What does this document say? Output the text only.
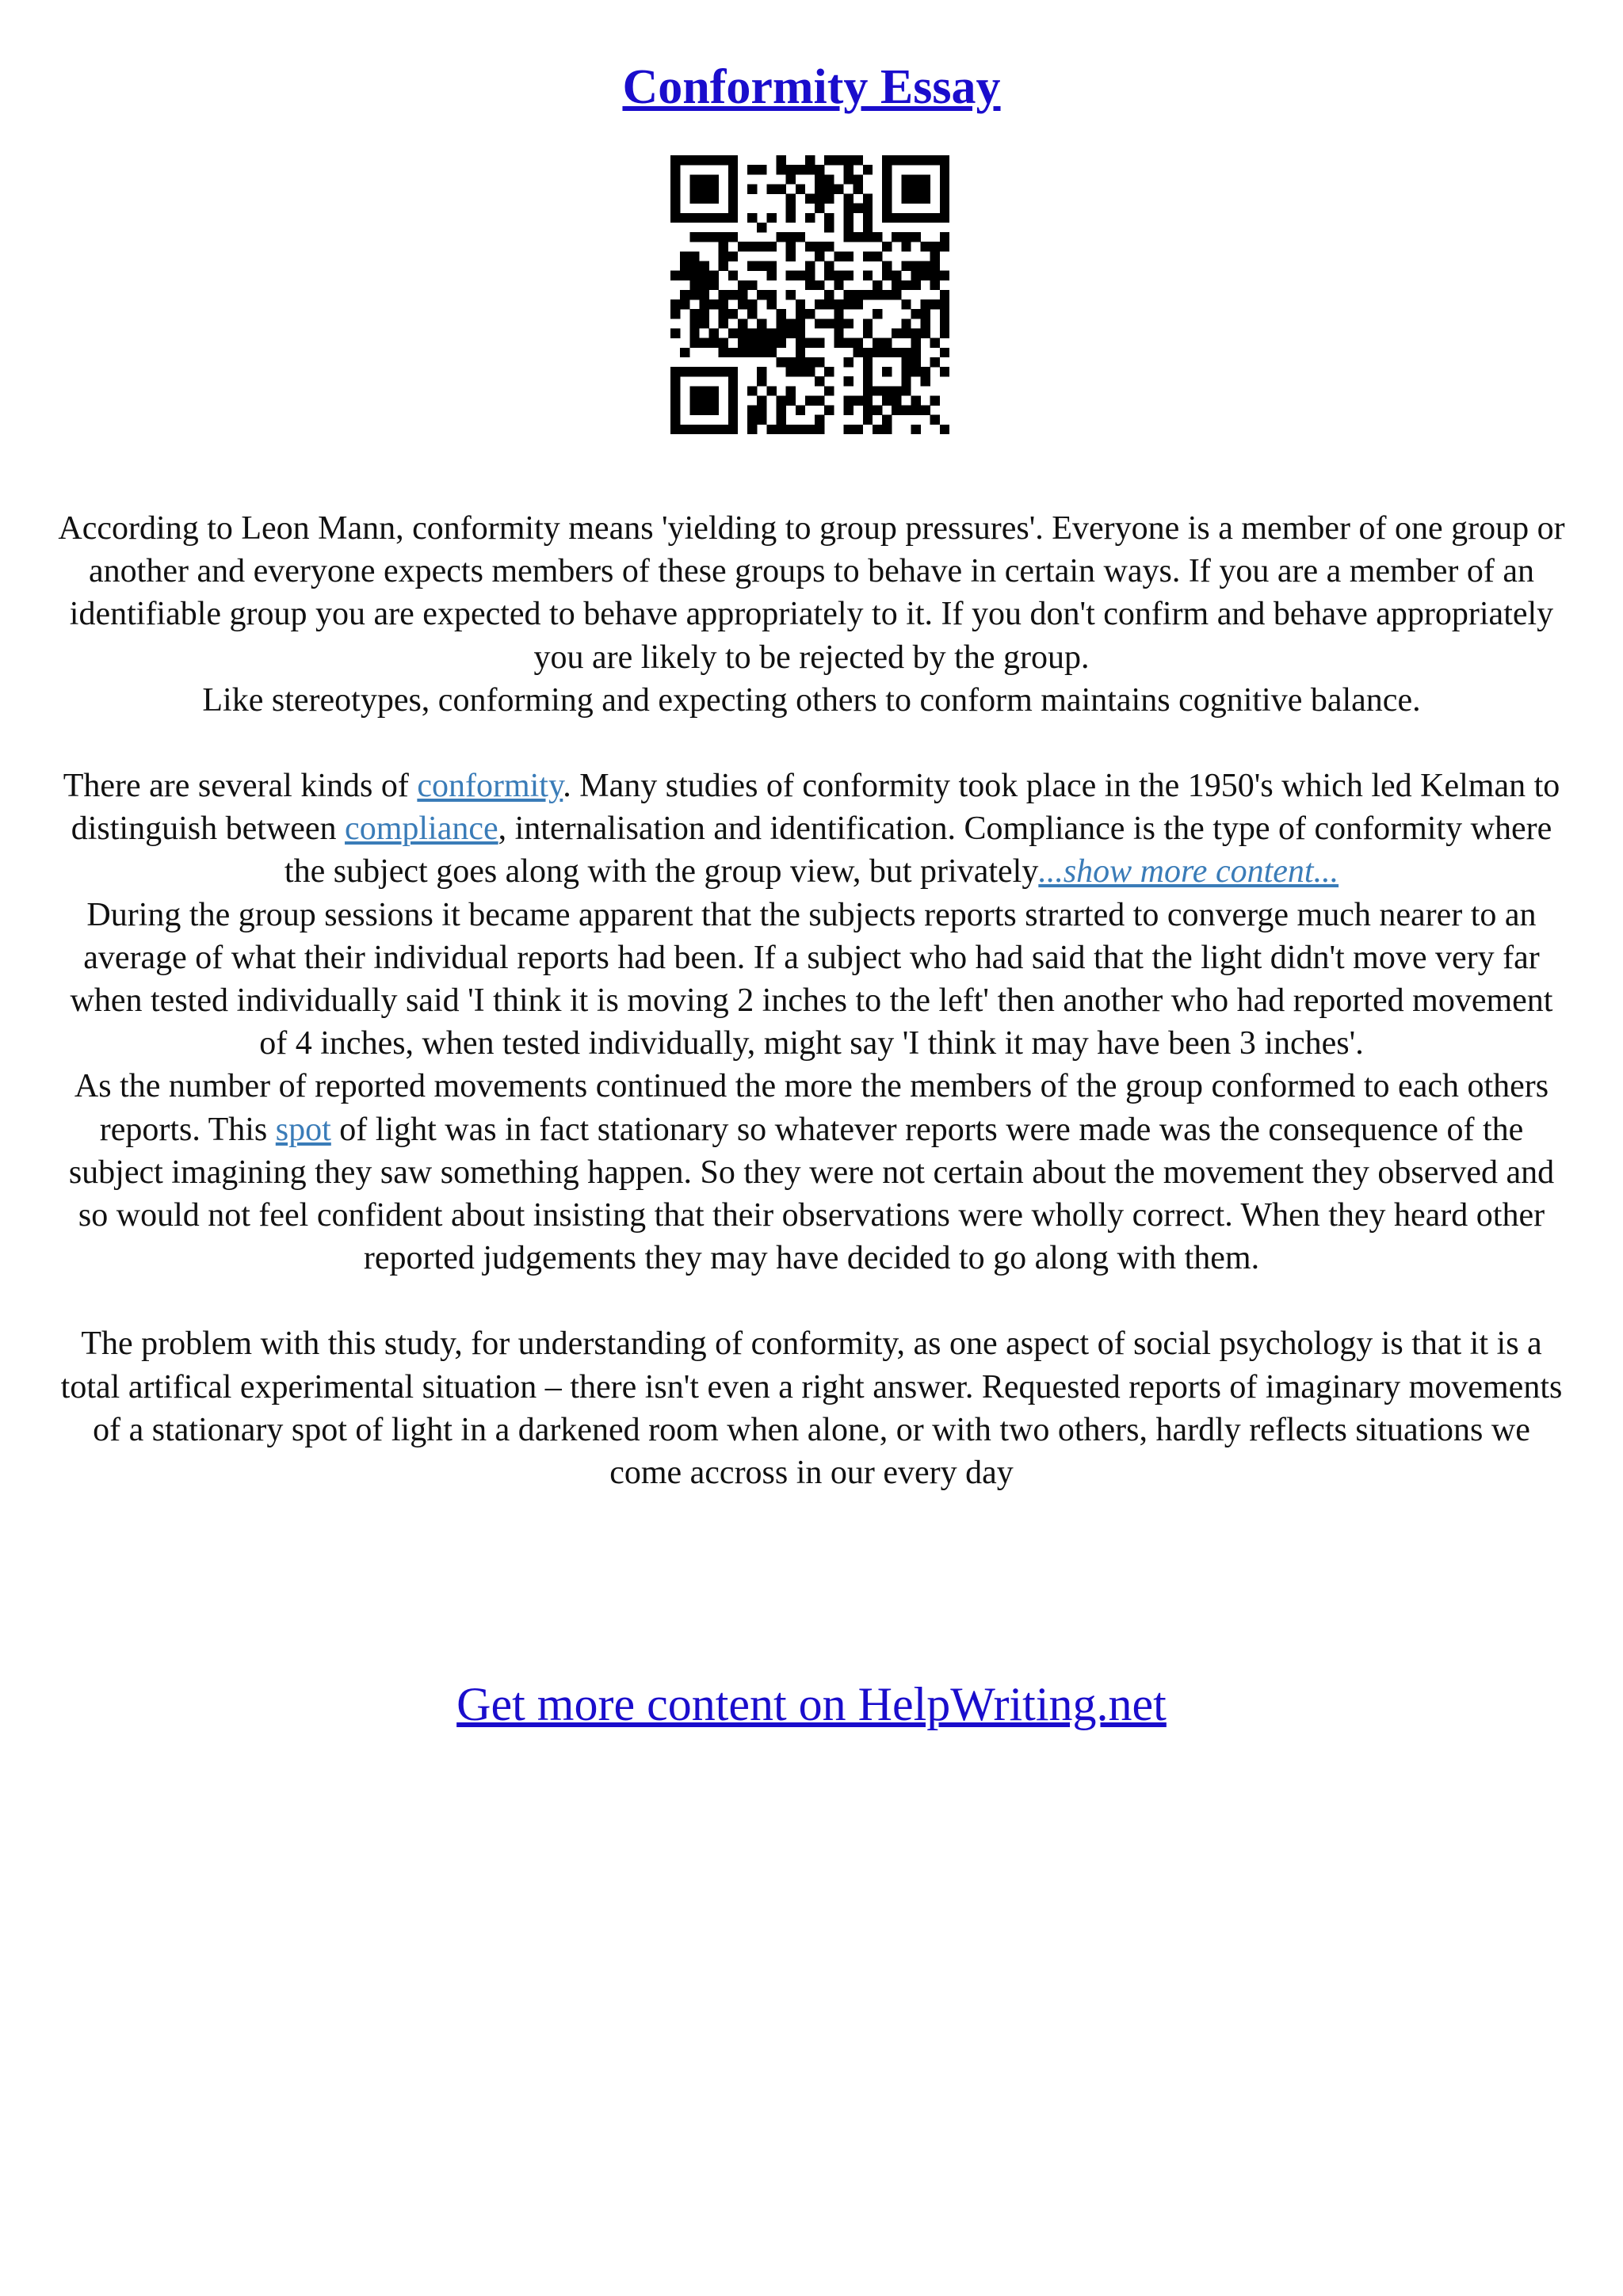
Conformity Essay

According to Leon Mann, conformity means 'yielding to group pressures'. Everyone is a member of one group or another and everyone expects members of these groups to behave in certain ways. If you are a member of an identifiable group you are expected to behave appropriately to it. If you don't confirm and behave appropriately you are likely to be rejected by the group.

Like stereotypes, conforming and expecting others to conform maintains cognitive balance.

There are several kinds of conformity. Many studies of conformity took place in the 1950's which led Kelman to distinguish between compliance, internalisation and identification. Compliance is the type of conformity where the subject goes along with the group view, but privately...show more content...

During the group sessions it became apparent that the subjects reports strarted to converge much nearer to an average of what their individual reports had been. If a subject who had said that the light didn't move very far when tested individually said 'I think it is moving 2 inches to the left' then another who had reported movement of 4 inches, when tested individually, might say 'I think it may have been 3 inches'.

As the number of reported movements continued the more the members of the group conformed to each others reports. This spot of light was in fact stationary so whatever reports were made was the consequence of the subject imagining they saw something happen. So they were not certain about the movement they observed and so would not feel confident about insisting that their observations were wholly correct. When they heard other reported judgements they may have decided to go along with them.

The problem with this study, for understanding of conformity, as one aspect of social psychology is that it is a total artifical experimental situation – there isn't even a right answer. Requested reports of imaginary movements of a stationary spot of light in a darkened room when alone, or with two others, hardly reflects situations we come accross in our every day

Get more content on HelpWriting.net
